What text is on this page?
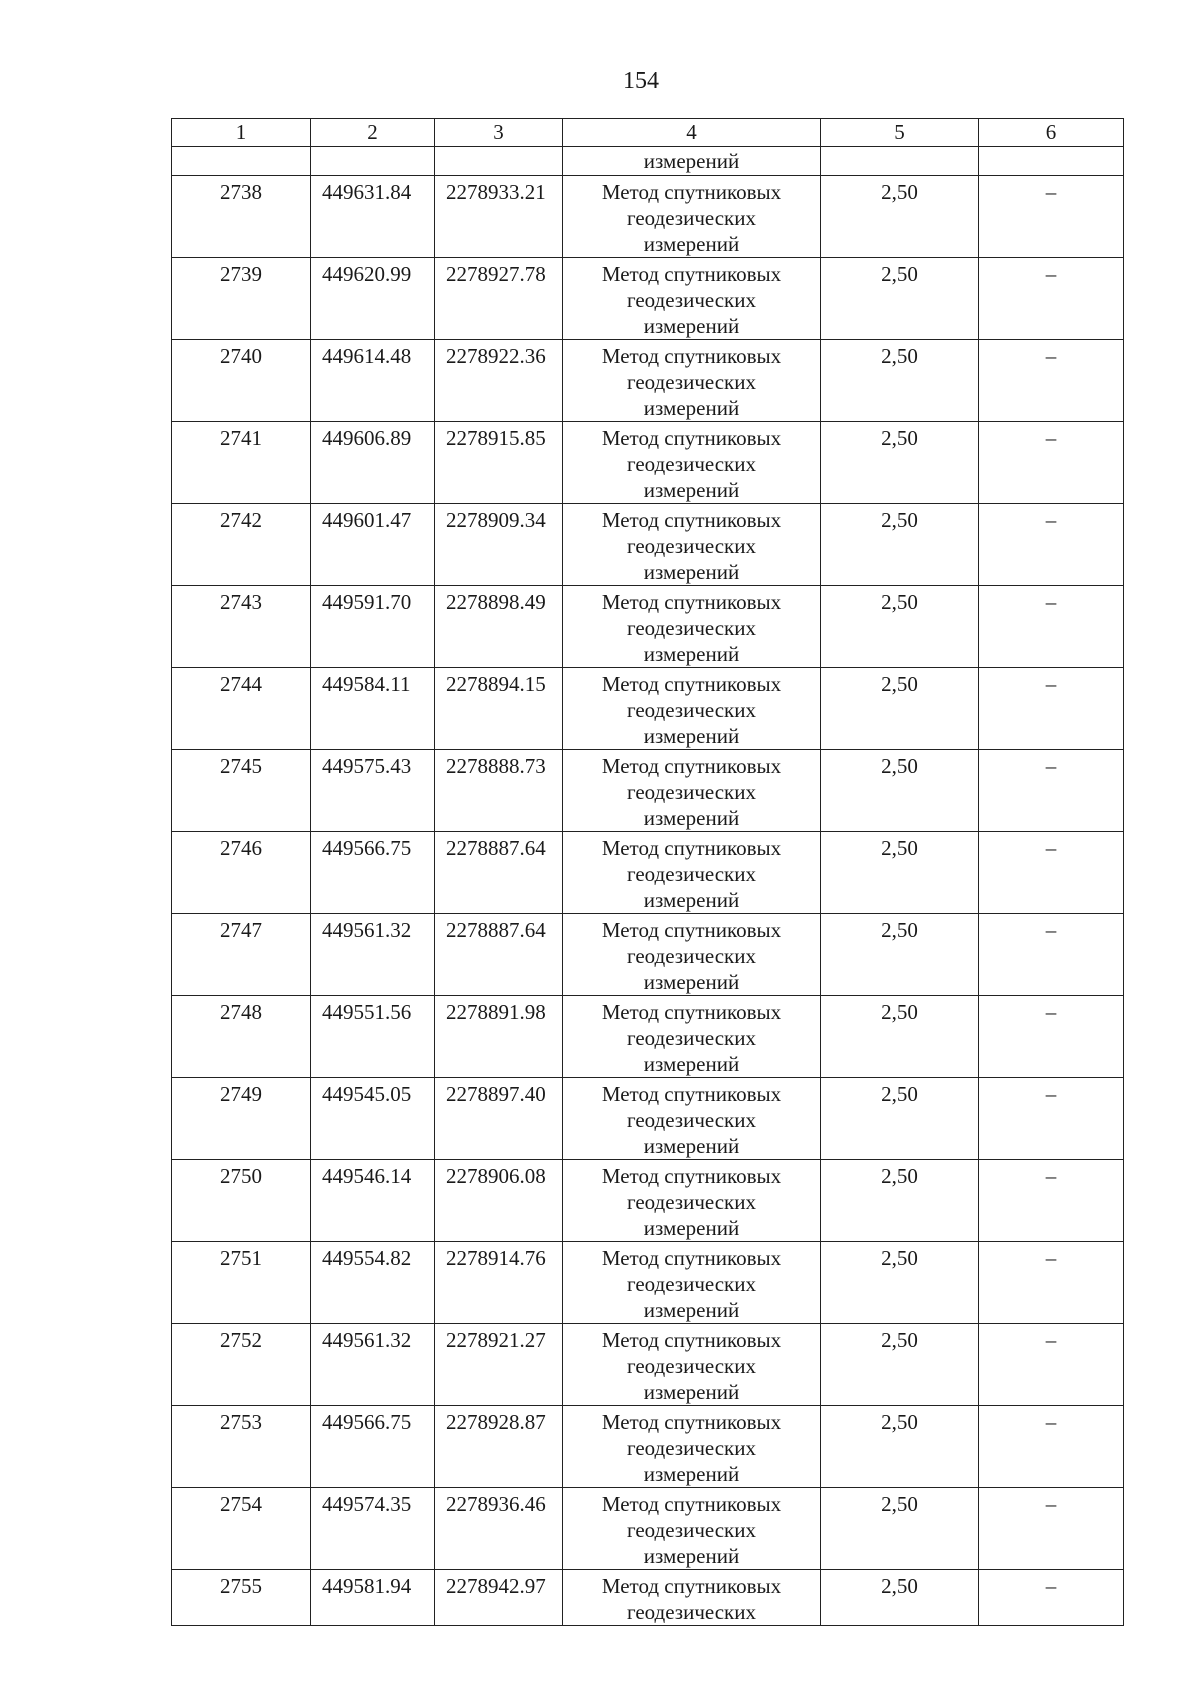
154
1	2	3	4	5	6
			измерений		
2738	449631.84	2278933.21	Метод спутниковых
геодезических
измерений	2,50	–
2739	449620.99	2278927.78	Метод спутниковых
геодезических
измерений	2,50	–
2740	449614.48	2278922.36	Метод спутниковых
геодезических
измерений	2,50	–
2741	449606.89	2278915.85	Метод спутниковых
геодезических
измерений	2,50	–
2742	449601.47	2278909.34	Метод спутниковых
геодезических
измерений	2,50	–
2743	449591.70	2278898.49	Метод спутниковых
геодезических
измерений	2,50	–
2744	449584.11	2278894.15	Метод спутниковых
геодезических
измерений	2,50	–
2745	449575.43	2278888.73	Метод спутниковых
геодезических
измерений	2,50	–
2746	449566.75	2278887.64	Метод спутниковых
геодезических
измерений	2,50	–
2747	449561.32	2278887.64	Метод спутниковых
геодезических
измерений	2,50	–
2748	449551.56	2278891.98	Метод спутниковых
геодезических
измерений	2,50	–
2749	449545.05	2278897.40	Метод спутниковых
геодезических
измерений	2,50	–
2750	449546.14	2278906.08	Метод спутниковых
геодезических
измерений	2,50	–
2751	449554.82	2278914.76	Метод спутниковых
геодезических
измерений	2,50	–
2752	449561.32	2278921.27	Метод спутниковых
геодезических
измерений	2,50	–
2753	449566.75	2278928.87	Метод спутниковых
геодезических
измерений	2,50	–
2754	449574.35	2278936.46	Метод спутниковых
геодезических
измерений	2,50	–
2755	449581.94	2278942.97	Метод спутниковых
геодезических	2,50	–
